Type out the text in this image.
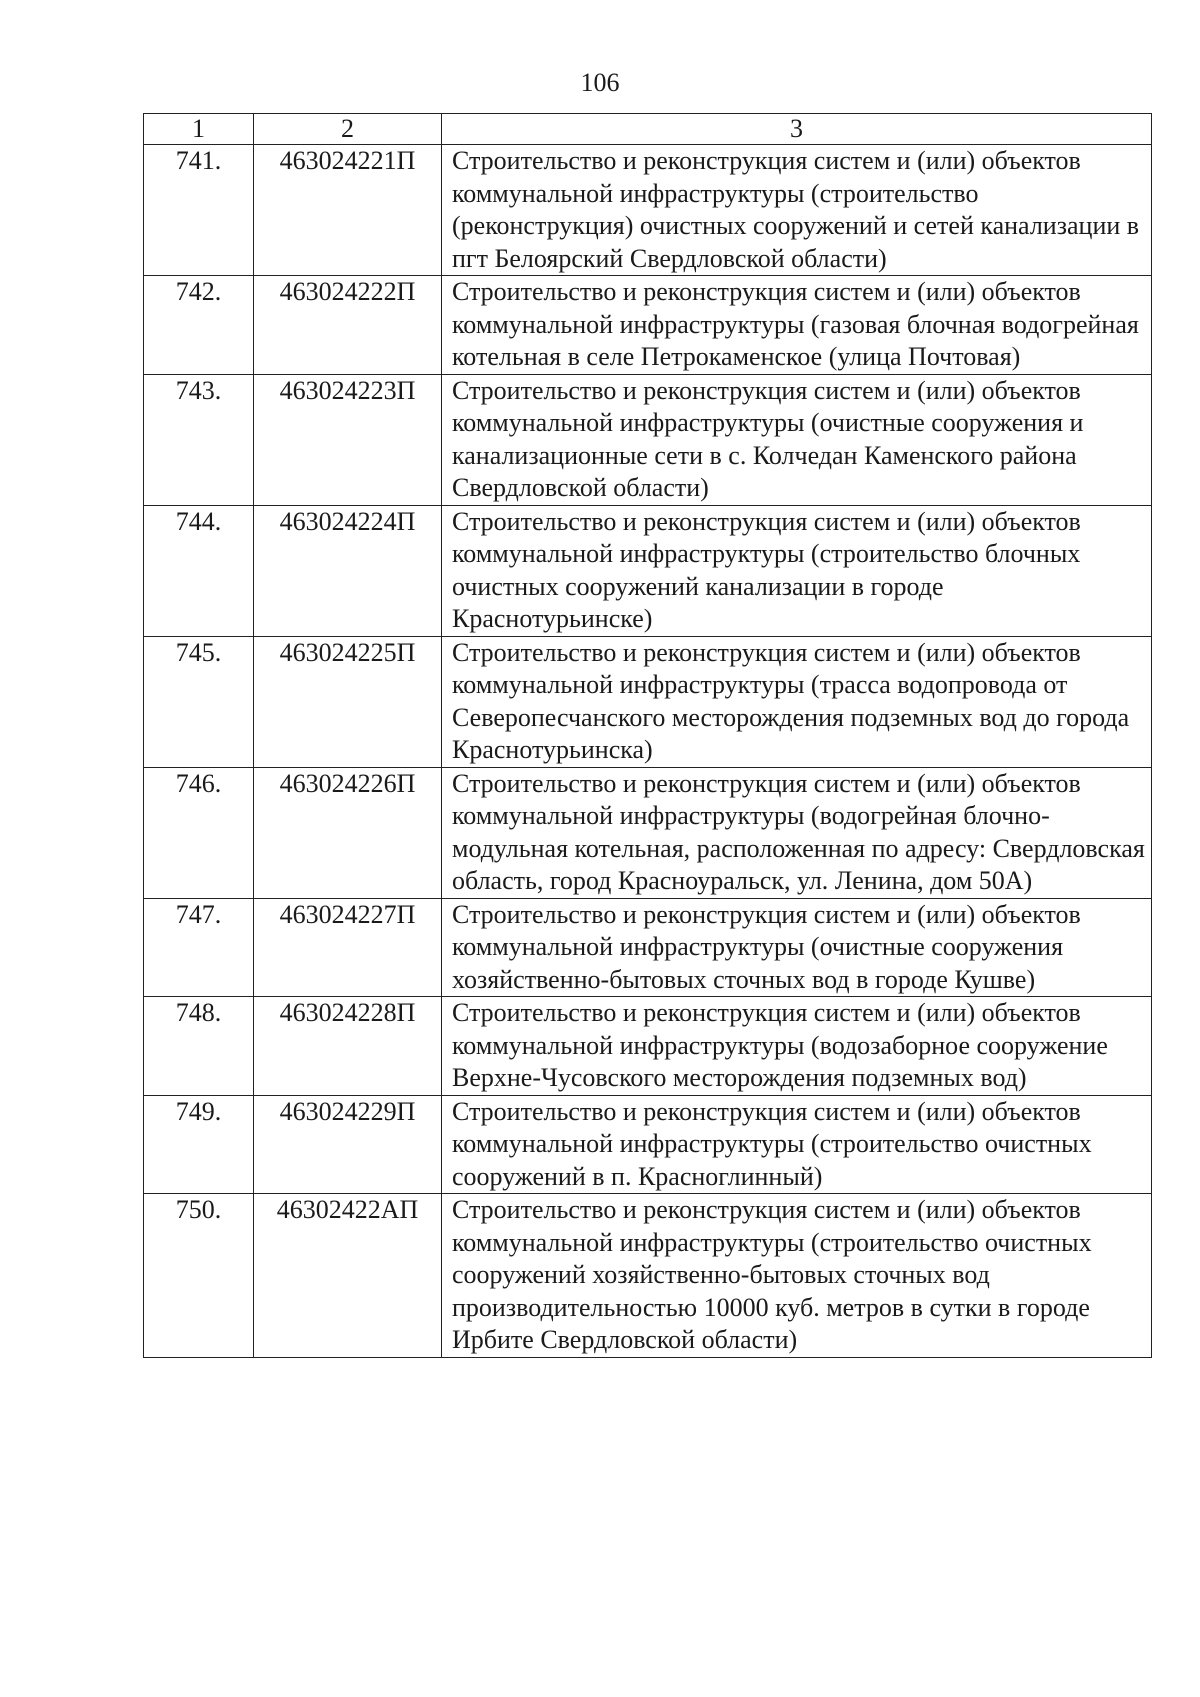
106
1	2	3
741.	463024221П	Строительство и реконструкция систем и (или) объектов коммунальной инфраструктуры (строительство (реконструкция) очистных сооружений и сетей канализации в пгт Белоярский Свердловской области)
742.	463024222П	Строительство и реконструкция систем и (или) объектов коммунальной инфраструктуры (газовая блочная водогрейная котельная в селе Петрокаменское (улица Почтовая)
743.	463024223П	Строительство и реконструкция систем и (или) объектов коммунальной инфраструктуры (очистные сооружения и канализационные сети в с. Колчедан Каменского района Свердловской области)
744.	463024224П	Строительство и реконструкция систем и (или) объектов коммунальной инфраструктуры (строительство блочных очистных сооружений канализации в городе Краснотурьинске)
745.	463024225П	Строительство и реконструкция систем и (или) объектов коммунальной инфраструктуры (трасса водопровода от Северопесчанского месторождения подземных вод до города Краснотурьинска)
746.	463024226П	Строительство и реконструкция систем и (или) объектов коммунальной инфраструктуры (водогрейная блочно-модульная котельная, расположенная по адресу: Свердловская область, город Красноуральск, ул. Ленина, дом 50А)
747.	463024227П	Строительство и реконструкция систем и (или) объектов коммунальной инфраструктуры (очистные сооружения хозяйственно-бытовых сточных вод в городе Кушве)
748.	463024228П	Строительство и реконструкция систем и (или) объектов коммунальной инфраструктуры (водозаборное сооружение Верхне-Чусовского месторождения подземных вод)
749.	463024229П	Строительство и реконструкция систем и (или) объектов коммунальной инфраструктуры (строительство очистных сооружений в п. Красноглинный)
750.	46302422АП	Строительство и реконструкция систем и (или) объектов коммунальной инфраструктуры (строительство очистных сооружений хозяйственно-бытовых сточных вод производительностью 10000 куб. метров в сутки в городе Ирбите Свердловской области)
